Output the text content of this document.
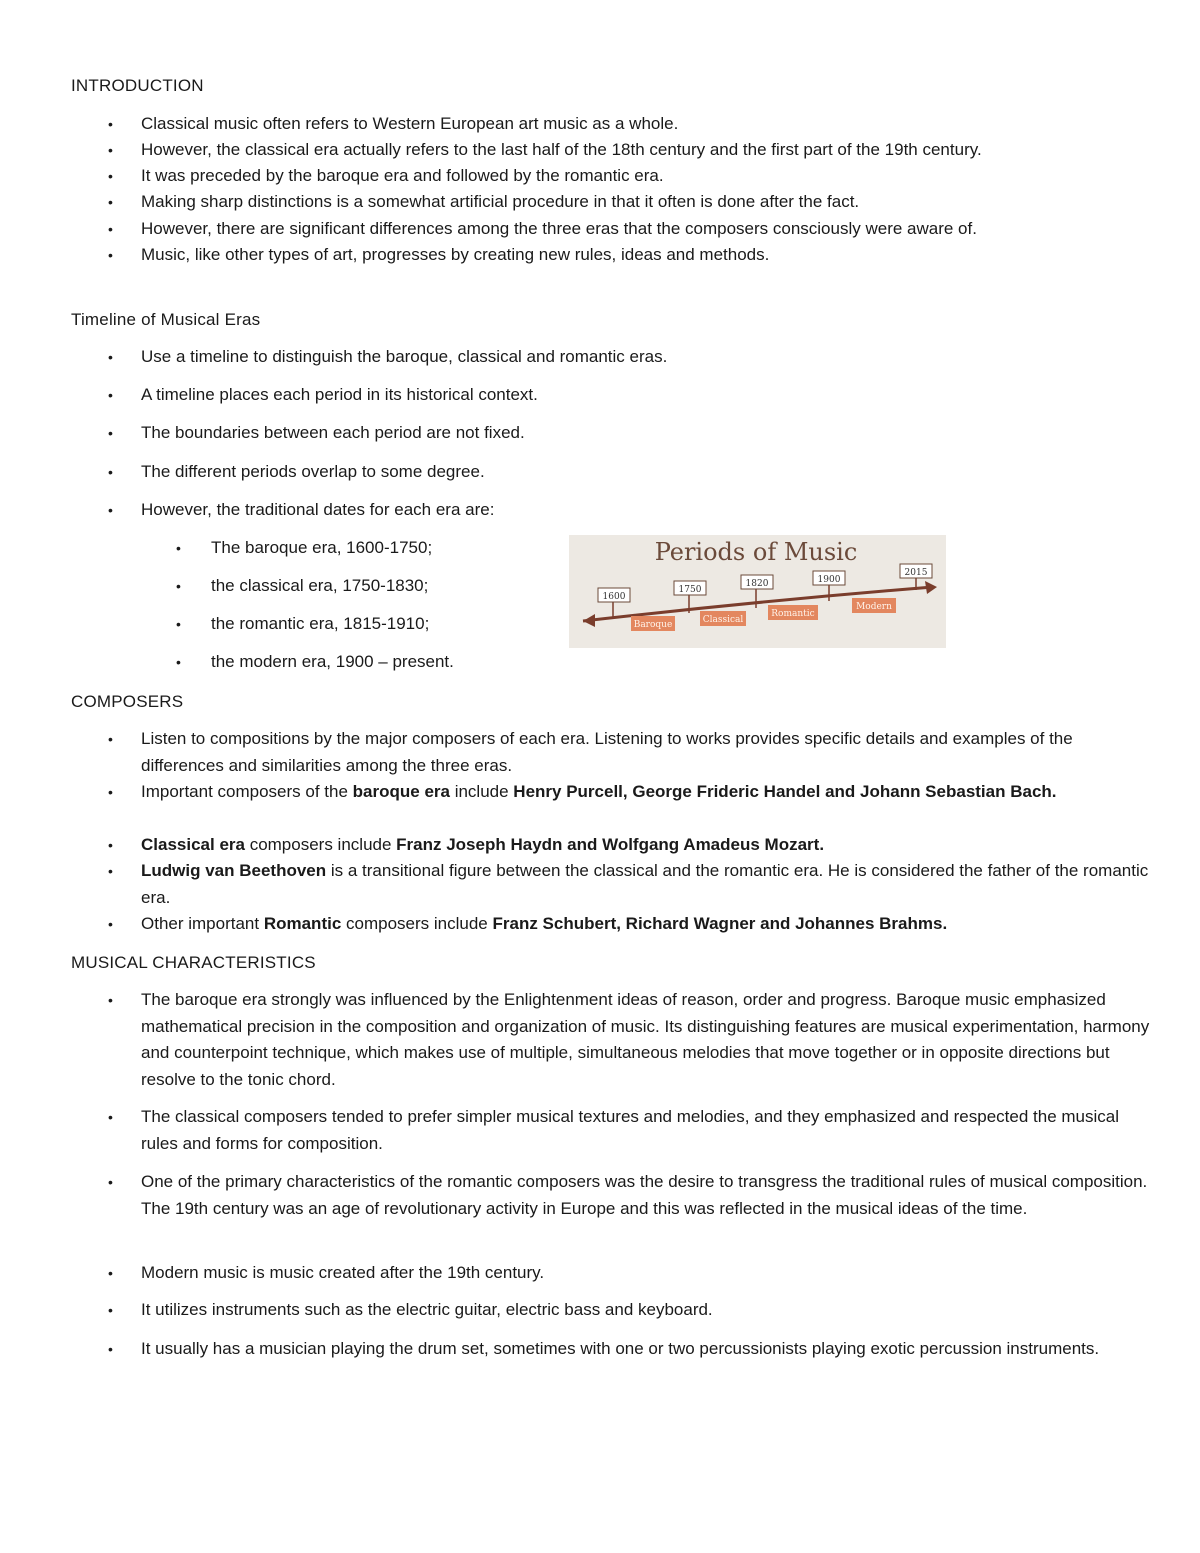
INTRODUCTION
• Classical music often refers to Western European art music as a whole.
• However, the classical era actually refers to the last half of the 18th century and the first part of the 19th century.
• It was preceded by the baroque era and followed by the romantic era.
• Making sharp distinctions is a somewhat artificial procedure in that it often is done after the fact.
• However, there are significant differences among the three eras that the composers consciously were aware of.
• Music, like other types of art, progresses by creating new rules, ideas and methods.
Timeline of Musical Eras
• Use a timeline to distinguish the baroque, classical and romantic eras.
• A timeline places each period in its historical context.
• The boundaries between each period are not fixed.
• The different periods overlap to some degree.
• However, the traditional dates for each era are:
• The baroque era, 1600-1750;
• the classical era, 1750-1830;
• the romantic era, 1815-1910;
• the modern era, 1900 – present.
Periods of Music
1600
1750
1820	1900
2015
Baroque	Classical
Romantic
Modern
COMPOSERS
• Listen to compositions by the major composers of each era. Listening to works provides specific details and examples of the differences and similarities among the three eras.
• Important composers of the baroque era include Henry Purcell, George Frideric Handel and Johann Sebastian Bach.
• Classical era composers include Franz Joseph Haydn and Wolfgang Amadeus Mozart.
• Ludwig van Beethoven is a transitional figure between the classical and the romantic era. He is considered the father of the romantic era.
• Other important Romantic composers include Franz Schubert, Richard Wagner and Johannes Brahms.
MUSICAL CHARACTERISTICS
• The baroque era strongly was influenced by the Enlightenment ideas of reason, order and progress. Baroque music emphasized mathematical precision in the composition and organization of music. Its distinguishing features are musical experimentation, harmony and counterpoint technique, which makes use of multiple, simultaneous melodies that move together or in opposite directions but resolve to the tonic chord.
• The classical composers tended to prefer simpler musical textures and melodies, and they emphasized and respected the musical rules and forms for composition.
• One of the primary characteristics of the romantic composers was the desire to transgress the traditional rules of musical composition. The 19th century was an age of revolutionary activity in Europe and this was reflected in the musical ideas of the time.
• Modern music is music created after the 19th century.
• It utilizes instruments such as the electric guitar, electric bass and keyboard.
• It usually has a musician playing the drum set, sometimes with one or two percussionists playing exotic percussion instruments.
